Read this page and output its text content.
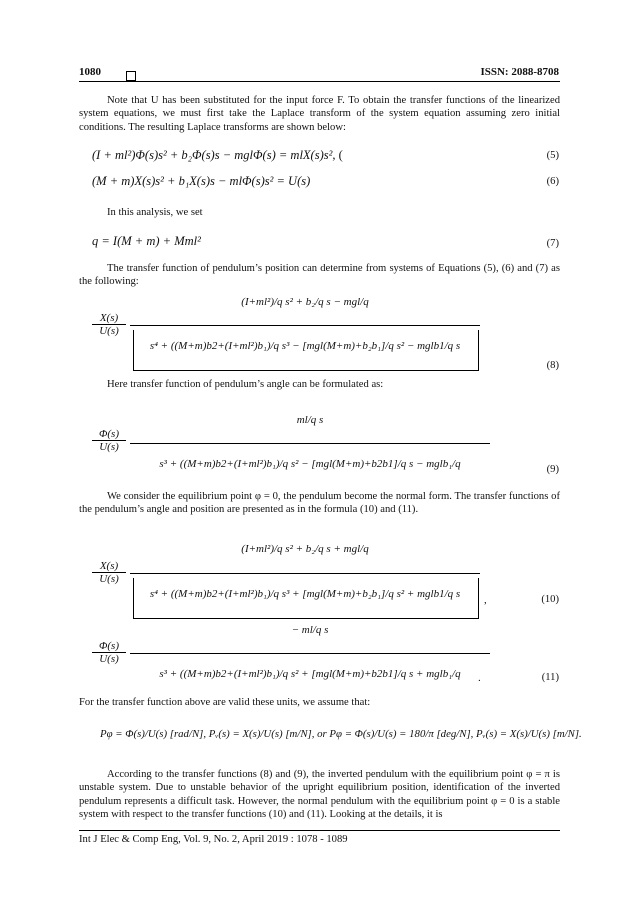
1080	ISSN: 2088-8708
Note that U has been substituted for the input force F. To obtain the transfer functions of the linearized system equations, we must first take the Laplace transform of the system equation assuming zero initial conditions. The resulting Laplace transforms are shown below:
(I + ml²)Φ(s)s² + b₂Φ(s)s − mglΦ(s) = mlX(s)s², (	(5)
(M + m)X(s)s² + b₁X(s)s − mlΦ(s)s² = U(s)	(6)
In this analysis, we set
q = I(M + m) + Mml²	(7)
The transfer function of pendulum’s position can determine from systems of Equations (5), (6) and (7) as the following:
X(s)
U(s)
(I+ml²)/q s² + b₂/q s − mgl/q
s⁴ + ((M+m)b2+(I+ml²)b₁)/q s³ − [mgl(M+m)+b₂b₁]/q s² − mglb1/q s
(8)
Here transfer function of pendulum’s angle can be formulated as:
Φ(s)
U(s)
ml/q s
s³ + ((M+m)b2+(I+ml²)b₁)/q s² − [mgl(M+m)+b2b1]/q s − mglb₁/q	(9)
We consider the equilibrium point φ = 0, the pendulum become the normal form. The transfer functions of the pendulum’s angle and position are presented as in the formula (10) and (11).
X(s)
U(s)
(I+ml²)/q s² + b₂/q s + mgl/q
s⁴ + ((M+m)b2+(I+ml²)b₁)/q s³ + [mgl(M+m)+b₂b₁]/q s² + mglb1/q s	,	(10)
Φ(s)
U(s)
− ml/q s
s³ + ((M+m)b2+(I+ml²)b₁)/q s² + [mgl(M+m)+b2b1]/q s + mglb₁/q	.	(11)
For the transfer function above are valid these units, we assume that:
Pφ = Φ(s)/U(s) [rad/N], Pᵥ(s) = X(s)/U(s) [m/N], or Pφ = Φ(s)/U(s) = 180/π [deg/N], Pᵥ(s) = X(s)/U(s) [m/N].
According to the transfer functions (8) and (9), the inverted pendulum with the equilibrium point φ = π is unstable system. Due to unstable behavior of the upright equilibrium position, identification of the inverted pendulum represents a difficult task. However, the normal pendulum with the equilibrium point φ = 0 is a stable system with respect to the transfer functions (10) and (11). Looking at the details, it is
Int J Elec & Comp Eng, Vol. 9, No. 2, April 2019 : 1078 - 1089
